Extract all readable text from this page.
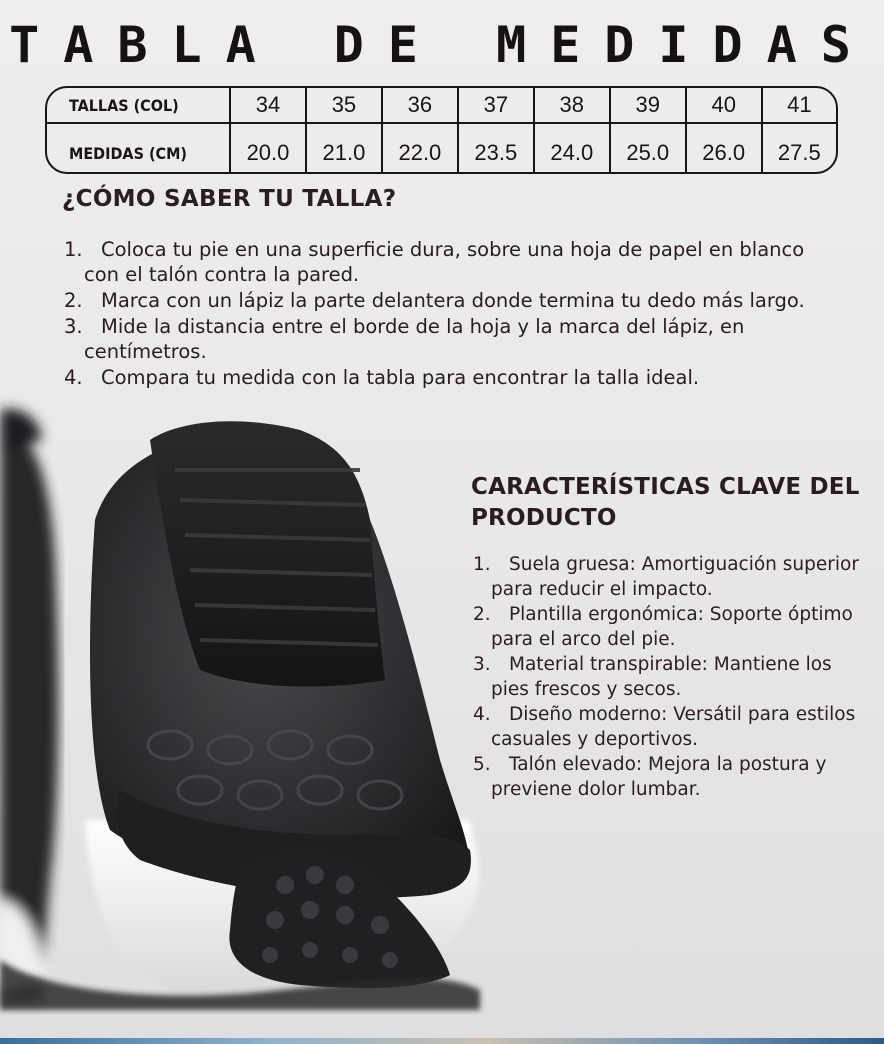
TABLA DE MEDIDAS
TALLAS (COL)	34	35	36	37	38	39	40	41
MEDIDAS (CM)	20.0	21.0	22.0	23.5	24.0	25.0	26.0	27.5
¿CÓMO SABER TU TALLA?
1. Coloca tu pie en una superficie dura, sobre una hoja de papel en blanco con el talón contra la pared.
2. Marca con un lápiz la parte delantera donde termina tu dedo más largo.
3. Mide la distancia entre el borde de la hoja y la marca del lápiz, en centímetros.
4. Compara tu medida con la tabla para encontrar la talla ideal.
CARACTERÍSTICAS CLAVE DEL PRODUCTO
1. Suela gruesa: Amortiguación superior para reducir el impacto.
2. Plantilla ergonómica: Soporte óptimo para el arco del pie.
3. Material transpirable: Mantiene los pies frescos y secos.
4. Diseño moderno: Versátil para estilos casuales y deportivos.
5. Talón elevado: Mejora la postura y previene dolor lumbar.
